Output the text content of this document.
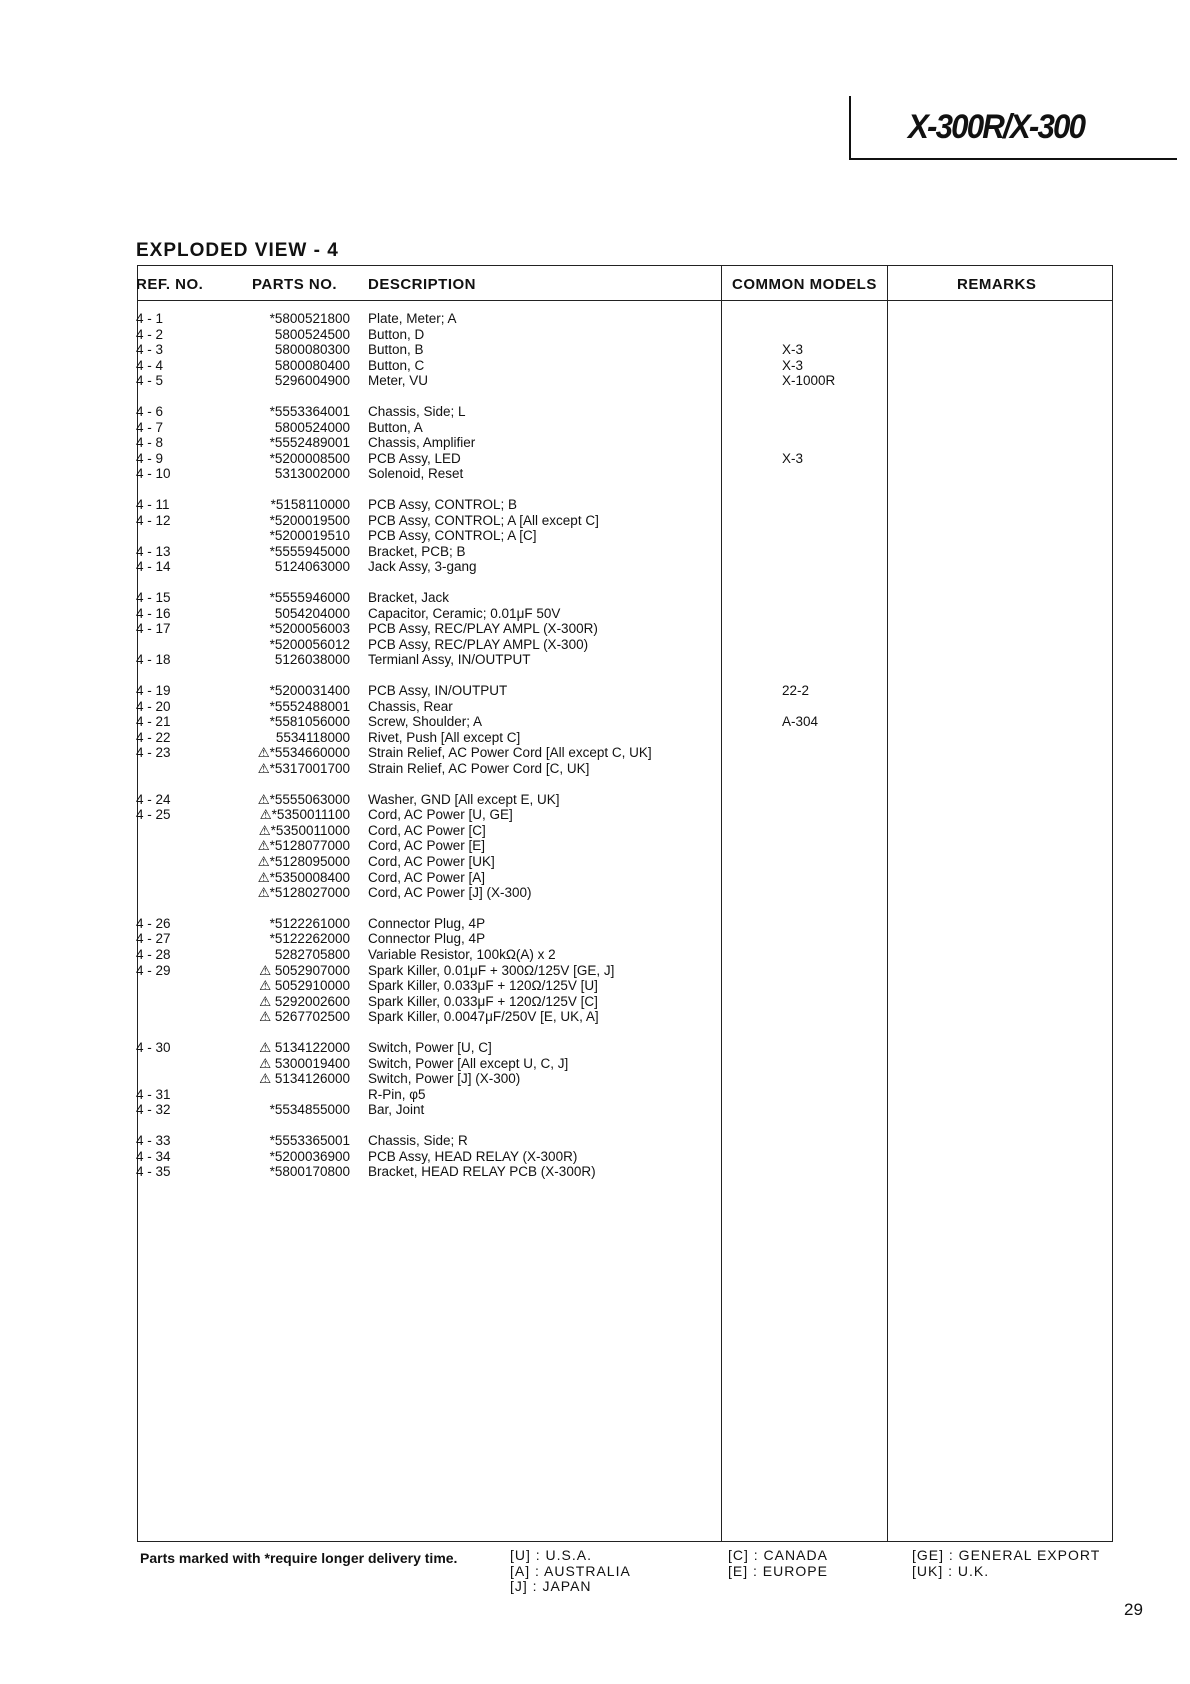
X-300R/X-300
EXPLODED VIEW - 4
REF. NO.	PARTS NO. DESCRIPTION	COMMON MODELS	REMARKS
4 - 1	*5800521800 Plate, Meter; A
4 - 2	5800524500 Button, D
4 - 3	5800080300 Button, B	X-3
4 - 4	5800080400 Button, C	X-3
4 - 5	5296004900 Meter, VU	X-1000R
4 - 6	*5553364001 Chassis, Side; L
4 - 7	5800524000 Button, A
4 - 8	*5552489001 Chassis, Amplifier
4 - 9	*5200008500 PCB Assy, LED	X-3
4 - 10	5313002000 Solenoid, Reset
4 - 11	*5158110000 PCB Assy, CONTROL; B
4 - 12	*5200019500 PCB Assy, CONTROL; A [All except C]
*5200019510 PCB Assy, CONTROL; A [C]
4 - 13	*5555945000 Bracket, PCB; B
4 - 14	5124063000 Jack Assy, 3-gang
4 - 15	*5555946000 Bracket, Jack
4 - 16	5054204000 Capacitor, Ceramic; 0.01μF 50V
4 - 17	*5200056003 PCB Assy, REC/PLAY AMPL (X-300R)
*5200056012 PCB Assy, REC/PLAY AMPL (X-300)
4 - 18	5126038000 Termianl Assy, IN/OUTPUT
4 - 19	*5200031400 PCB Assy, IN/OUTPUT	22-2
4 - 20	*5552488001 Chassis, Rear
4 - 21	*5581056000 Screw, Shoulder; A	A-304
4 - 22	5534118000 Rivet, Push [All except C]
4 - 23	⚠*5534660000 Strain Relief, AC Power Cord [All except C, UK]
⚠*5317001700 Strain Relief, AC Power Cord [C, UK]
4 - 24	⚠*5555063000 Washer, GND [All except E, UK]
4 - 25	⚠*5350011100 Cord, AC Power [U, GE]
⚠*5350011000 Cord, AC Power [C]
⚠*5128077000 Cord, AC Power [E]
⚠*5128095000 Cord, AC Power [UK]
⚠*5350008400 Cord, AC Power [A]
⚠*5128027000 Cord, AC Power [J] (X-300)
4 - 26	*5122261000 Connector Plug, 4P
4 - 27	*5122262000 Connector Plug, 4P
4 - 28	5282705800 Variable Resistor, 100kΩ(A) x 2
4 - 29	⚠ 5052907000 Spark Killer, 0.01μF + 300Ω/125V [GE, J]
⚠ 5052910000 Spark Killer, 0.033μF + 120Ω/125V [U]
⚠ 5292002600 Spark Killer, 0.033μF + 120Ω/125V [C]
⚠ 5267702500 Spark Killer, 0.0047μF/250V [E, UK, A]
4 - 30	⚠ 5134122000 Switch, Power [U, C]
⚠ 5300019400 Switch, Power [All except U, C, J]
⚠ 5134126000 Switch, Power [J] (X-300)
4 - 31	R-Pin, φ5
4 - 32	*5534855000 Bar, Joint
4 - 33	*5553365001 Chassis, Side; R
4 - 34	*5200036900 PCB Assy, HEAD RELAY (X-300R)
4 - 35	*5800170800 Bracket, HEAD RELAY PCB (X-300R)
Parts marked with *require longer delivery time.	[U] : U.S.A.
[A] : AUSTRALIA
[J] : JAPAN
[C] : CANADA
[E] : EUROPE
[GE] : GENERAL EXPORT
[UK] : U.K.
29
